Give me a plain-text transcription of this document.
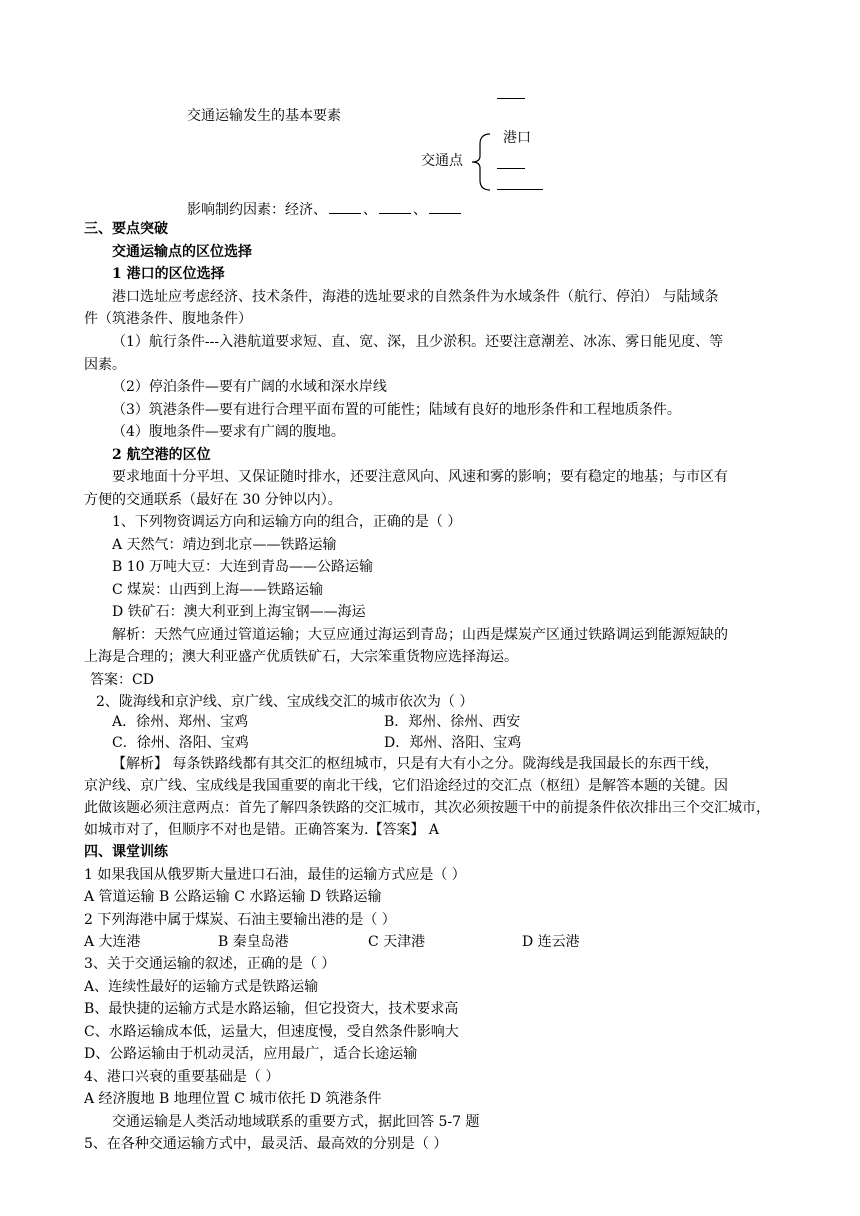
交通运输发生的基本要素
港口
交通点
影响制约因素：经济、	、	、
三、要点突破
交通运输点的区位选择
1 港口的区位选择
港口选址应考虑经济、技术条件，海港的选址要求的自然条件为水域条件（航行、停泊） 与陆域条
件（筑港条件、腹地条件）
（1）航行条件---入港航道要求短、直、宽、深，且少淤积。还要注意潮差、冰冻、雾日能见度、等
因素。
（2）停泊条件—要有广阔的水域和深水岸线
（3）筑港条件—要有进行合理平面布置的可能性；陆域有良好的地形条件和工程地质条件。
（4）腹地条件—要求有广阔的腹地。
2 航空港的区位
要求地面十分平坦、又保证随时排水，还要注意风向、风速和雾的影响；要有稳定的地基；与市区有
方便的交通联系（最好在 30 分钟以内）。
1、下列物资调运方向和运输方向的组合，正确的是（ ）
A 天然气：靖边到北京——铁路运输
B 10 万吨大豆：大连到青岛——公路运输
C 煤炭：山西到上海——铁路运输
D 铁矿石：澳大利亚到上海宝钢——海运
解析：天然气应通过管道运输；大豆应通过海运到青岛；山西是煤炭产区通过铁路调运到能源短缺的
上海是合理的；澳大利亚盛产优质铁矿石，大宗笨重货物应选择海运。
答案：CD
2、陇海线和京沪线、京广线、宝成线交汇的城市依次为（ ）
A．徐州、郑州、宝鸡	B．郑州、徐州、西安
C．徐州、洛阳、宝鸡	D．郑州、洛阳、宝鸡
【解析】 每条铁路线都有其交汇的枢纽城市，只是有大有小之分。陇海线是我国最长的东西干线，
京沪线、京广线、宝成线是我国重要的南北干线，它们沿途经过的交汇点（枢纽）是解答本题的关键。因
此做该题必须注意两点：首先了解四条铁路的交汇城市，其次必须按题干中的前提条件依次排出三个交汇城市，
如城市对了，但顺序不对也是错。正确答案为.【答案】 A
四、课堂训练
1 如果我国从俄罗斯大量进口石油，最佳的运输方式应是（ ）
A 管道运输 B 公路运输 C 水路运输 D 铁路运输
2 下列海港中属于煤炭、石油主要输出港的是（ ）
A 大连港	B 秦皇岛港	C 天津港	D 连云港
3、关于交通运输的叙述，正确的是（ ）
A、连续性最好的运输方式是铁路运输
B、最快捷的运输方式是水路运输，但它投资大，技术要求高
C、水路运输成本低，运量大，但速度慢，受自然条件影响大
D、公路运输由于机动灵活，应用最广，适合长途运输
4、港口兴衰的重要基础是（ ）
A 经济腹地 B 地理位置 C 城市依托 D 筑港条件
交通运输是人类活动地域联系的重要方式，据此回答 5-7 题
5、在各种交通运输方式中，最灵活、最高效的分别是（ ）
